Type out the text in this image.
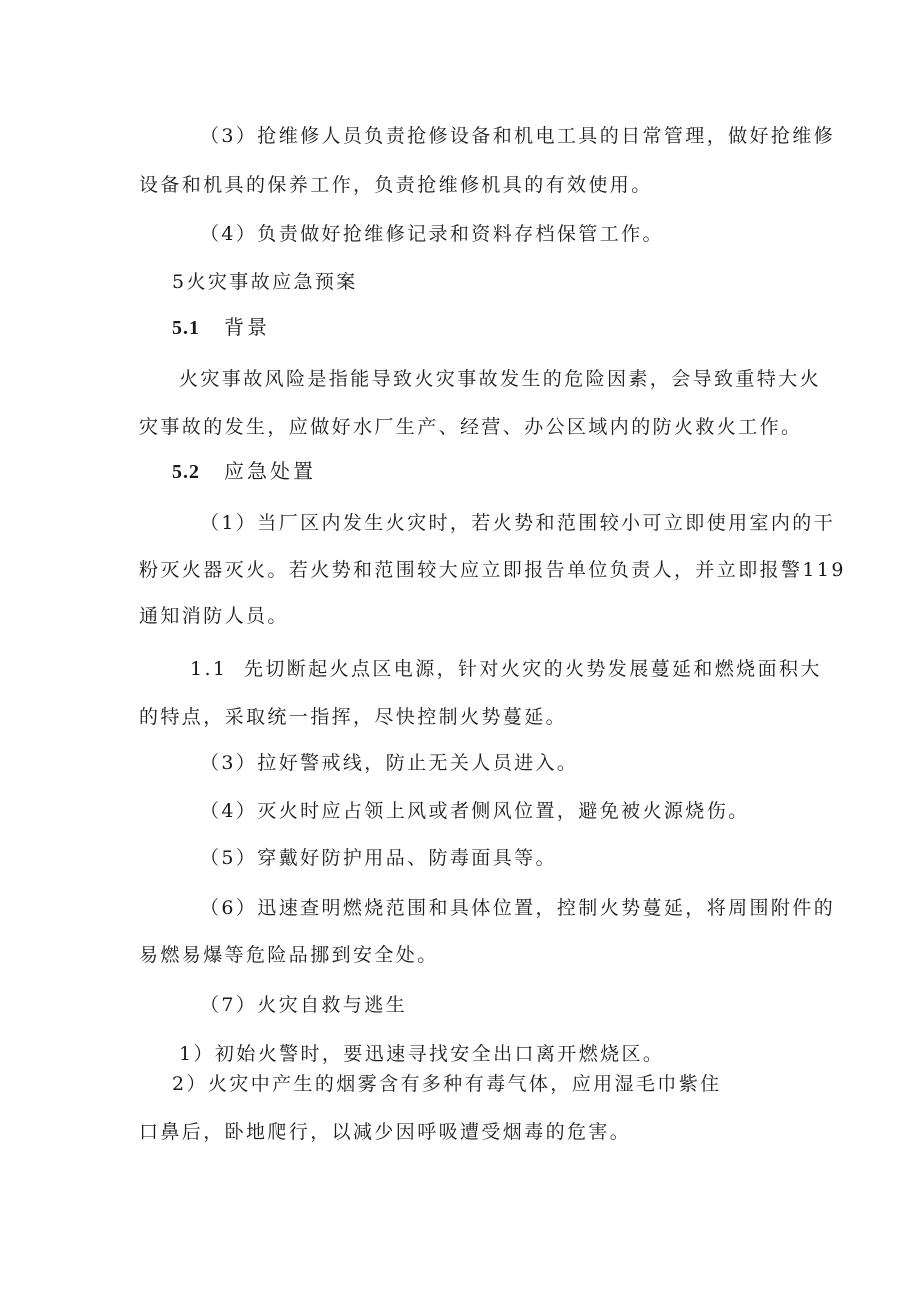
（3）抢维修人员负责抢修设备和机电工具的日常管理，做好抢维修
设备和机具的保养工作，负责抢维修机具的有效使用。
（4）负责做好抢维修记录和资料存档保管工作。
5火灾事故应急预案
5.1 背景
火灾事故风险是指能导致火灾事故发生的危险因素，会导致重特大火
灾事故的发生，应做好水厂生产、经营、办公区域内的防火救火工作。
5.2 应急处置
（1）当厂区内发生火灾时，若火势和范围较小可立即使用室内的干
粉灭火器灭火。若火势和范围较大应立即报告单位负责人，并立即报警119
通知消防人员。
1.1 先切断起火点区电源，针对火灾的火势发展蔓延和燃烧面积大
的特点，采取统一指挥，尽快控制火势蔓延。
（3）拉好警戒线，防止无关人员进入。
（4）灭火时应占领上风或者侧风位置，避免被火源烧伤。
（5）穿戴好防护用品、防毒面具等。
（6）迅速查明燃烧范围和具体位置，控制火势蔓延，将周围附件的
易燃易爆等危险品挪到安全处。
（7）火灾自救与逃生
1）初始火警时，要迅速寻找安全出口离开燃烧区。
2）火灾中产生的烟雾含有多种有毒气体，应用湿毛巾紫住
口鼻后，卧地爬行，以减少因呼吸遭受烟毒的危害。
